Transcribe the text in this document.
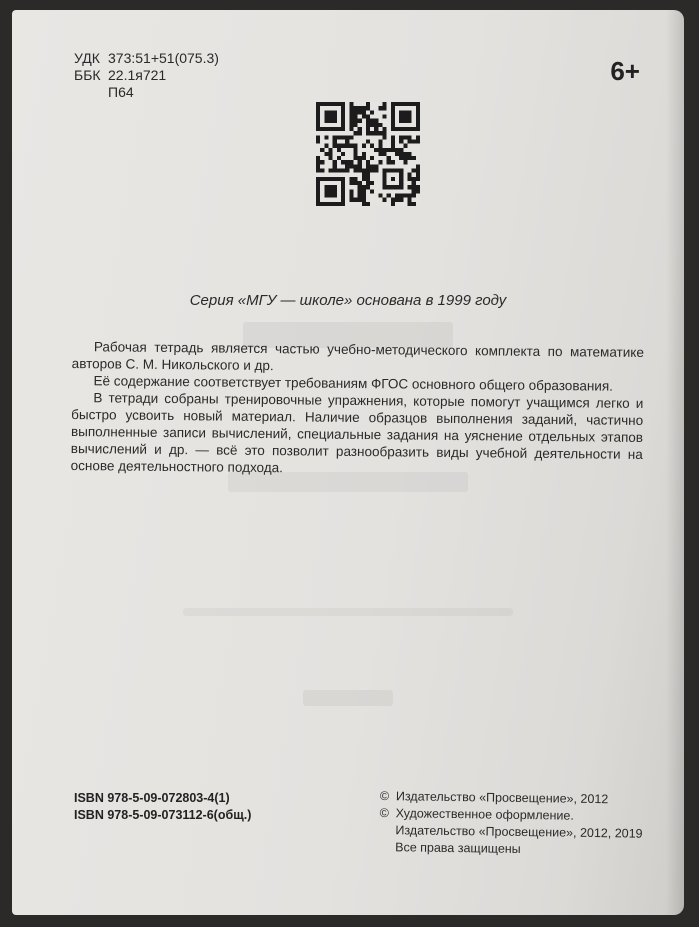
УДК 373:51+51(075.3)
ББК 22.1я721
П64
6+
Серия «МГУ — школе» основана в 1999 году

Рабочая тетрадь является частью учебно-методического комплекта по математике авторов С. М. Никольского и др.

Её содержание соответствует требованиям ФГОС основного общего образования.

В тетради собраны тренировочные упражнения, которые помогут учащимся легко и быстро усвоить новый материал. Наличие образцов выполнения заданий, частично выполненные записи вычислений, специальные задания на уяснение отдельных этапов вычислений и др. — всё это позволит разнообразить виды учебной деятельности на основе деятельностного подхода.

ISBN 978-5-09-072803-4(1)
ISBN 978-5-09-073112-6(общ.)
© Издательство «Просвещение», 2012
© Художественное оформление.
Издательство «Просвещение», 2012, 2019
Все права защищены
